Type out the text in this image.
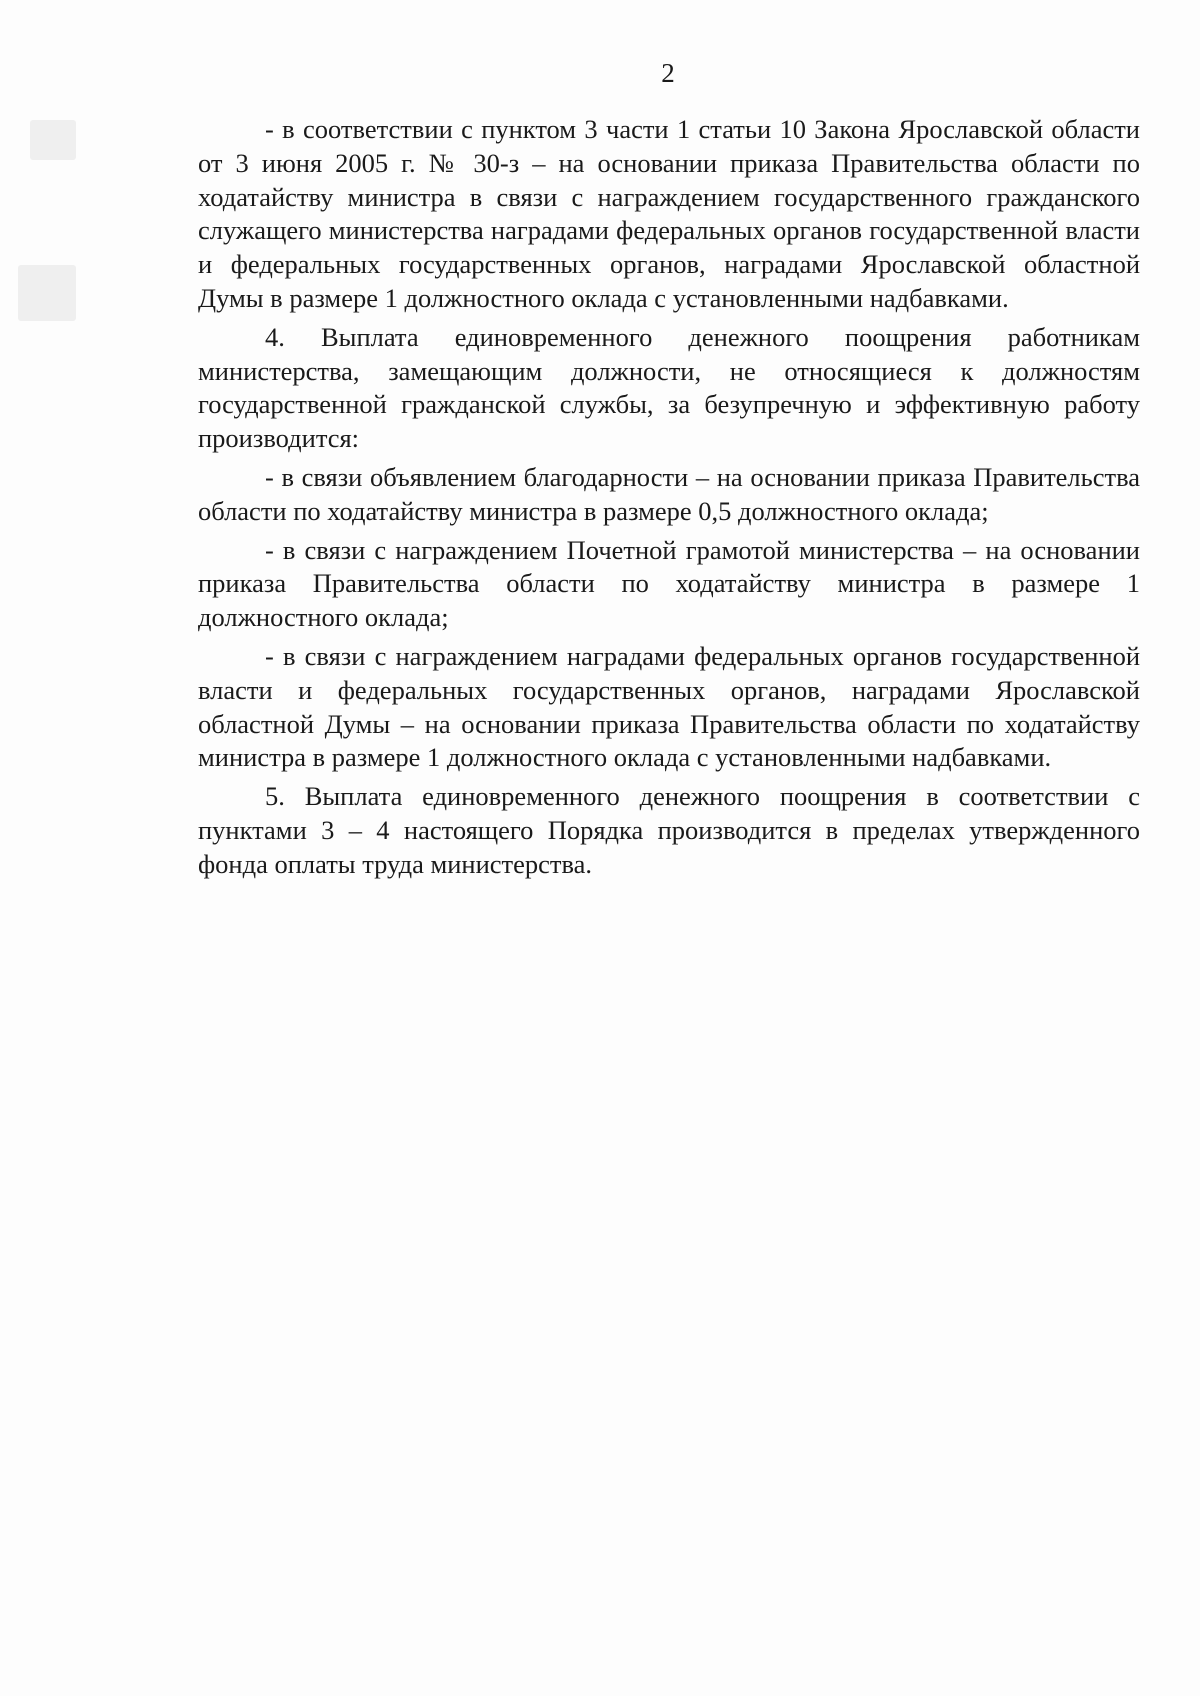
2

- в соответствии с пунктом 3 части 1 статьи 10 Закона Ярославской области от 3 июня 2005 г. № 30-з – на основании приказа Правительства области по ходатайству министра в связи с награждением государственного гражданского служащего министерства наградами федеральных органов государственной власти и федеральных государственных органов, наградами Ярославской областной Думы в размере 1 должностного оклада с установленными надбавками.

4. Выплата единовременного денежного поощрения работникам министерства, замещающим должности, не относящиеся к должностям государственной гражданской службы, за безупречную и эффективную работу производится:

- в связи объявлением благодарности – на основании приказа Правительства области по ходатайству министра в размере 0,5 должностного оклада;

- в связи с награждением Почетной грамотой министерства – на основании приказа Правительства области по ходатайству министра в размере 1 должностного оклада;

- в связи с награждением наградами федеральных органов государственной власти и федеральных государственных органов, наградами Ярославской областной Думы – на основании приказа Правительства области по ходатайству министра в размере 1 должностного оклада с установленными надбавками.

5. Выплата единовременного денежного поощрения в соответствии с пунктами 3 – 4 настоящего Порядка производится в пределах утвержденного фонда оплаты труда министерства.
